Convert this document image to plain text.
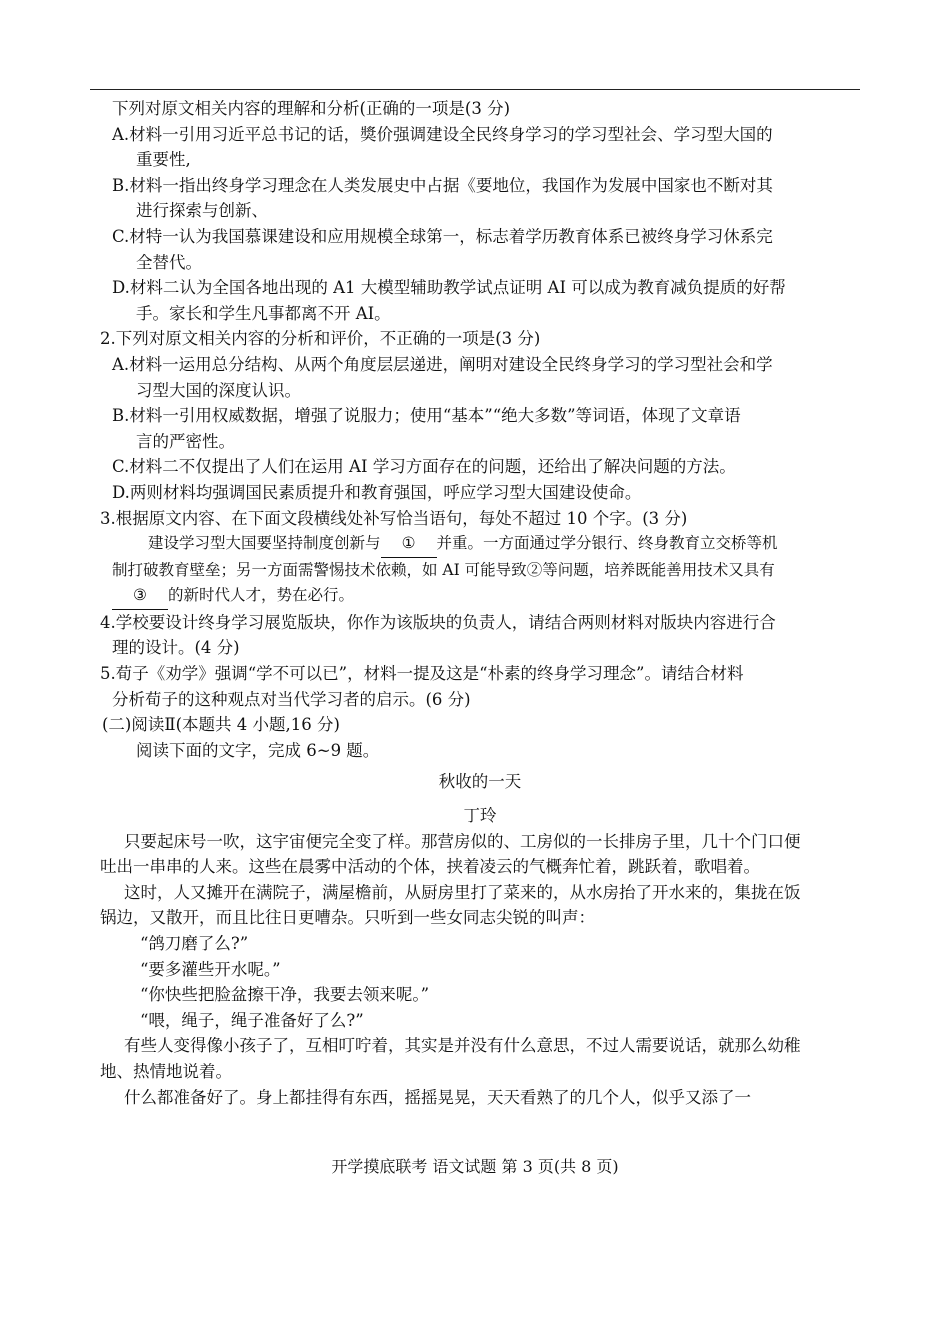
下列对原文相关内容的理解和分析(正确的一项是(3 分)
A.材料一引用习近平总书记的话，獎价强调建设全民终身学习的学习型社会、学习型大国的
重要性,
B.材料一指出终身学习理念在人类发展史中占据《要地位，我国作为发展中国家也不断对其
进行探索与创新、
C.材特一认为我国慕课建设和应用规模全球第一，标志着学历教育体系已被终身学习休系完
全替代。
D.材料二认为全国各地出现的 A1 大模型辅助教学试点证明 AI 可以成为教育减负提质的好帮
手。家长和学生凡事都离不开 AI。
2.下列对原文相关内容的分析和评价，不正确的一项是(3 分)
A.材料一运用总分结构、从两个角度层层递进，阐明对建设全民终身学习的学习型社会和学
习型大国的深度认识。
B.材料一引用权威数据，增强了说服力；使用“基本”“绝大多数”等词语，体现了文章语
言的严密性。
C.材料二不仅提出了人们在运用 AI 学习方面存在的问题，还给出了解决问题的方法。
D.两则材料均强调国民素质提升和教育强国，呼应学习型大国建设使命。
3.根据原文内容、在下面文段横线处补写恰当语句，每处不超过 10 个字。(3 分)
建设学习型大国要坚持制度创新与 ① 并重。一方面通过学分银行、终身教育立交桥等机
制打破教育壁垒；另一方面需警惕技术依赖，如 AI 可能导致②等问题，培养既能善用技术又具有
③ 的新时代人才，势在必行。
4.学校要设计终身学习展览版块，你作为该版块的负责人，请结合两则材料对版块内容进行合
理的设计。(4 分)
5.荀子《劝学》强调“学不可以已”，材料一提及这是“朴素的终身学习理念”。请结合材料
分析荀子的这种观点对当代学习者的启示。(6 分)
(二)阅读Ⅱ(本题共 4 小题,16 分)
阅读下面的文字，完成 6~9 题。
秋收的一天
丁玲
只要起床号一吹，这宇宙便完全变了样。那营房似的、工房似的一长排房子里，几十个门口便
吐出一串串的人来。这些在晨雾中活动的个体，挟着凌云的气概奔忙着，跳跃着，歌唱着。
这时，人又摊开在满院子，满屋檐前，从厨房里打了菜来的，从水房抬了开水来的，集拢在饭
锅边，又散开，而且比往日更嘈杂。只听到一些女同志尖锐的叫声：
“鸽刀磨了么?”
“要多灌些开水呢。”
“你快些把脸盆擦干净，我要去领来呢。”
“喂，绳子，绳子准备好了么?”
有些人变得像小孩子了，互相叮咛着，其实是并没有什么意思，不过人需要说话，就那么幼稚
地、热情地说着。
什么都准备好了。身上都挂得有东西，摇摇晃晃，天天看熟了的几个人，似乎又添了一
开学摸底联考 语文试题 第 3 页(共 8 页)
